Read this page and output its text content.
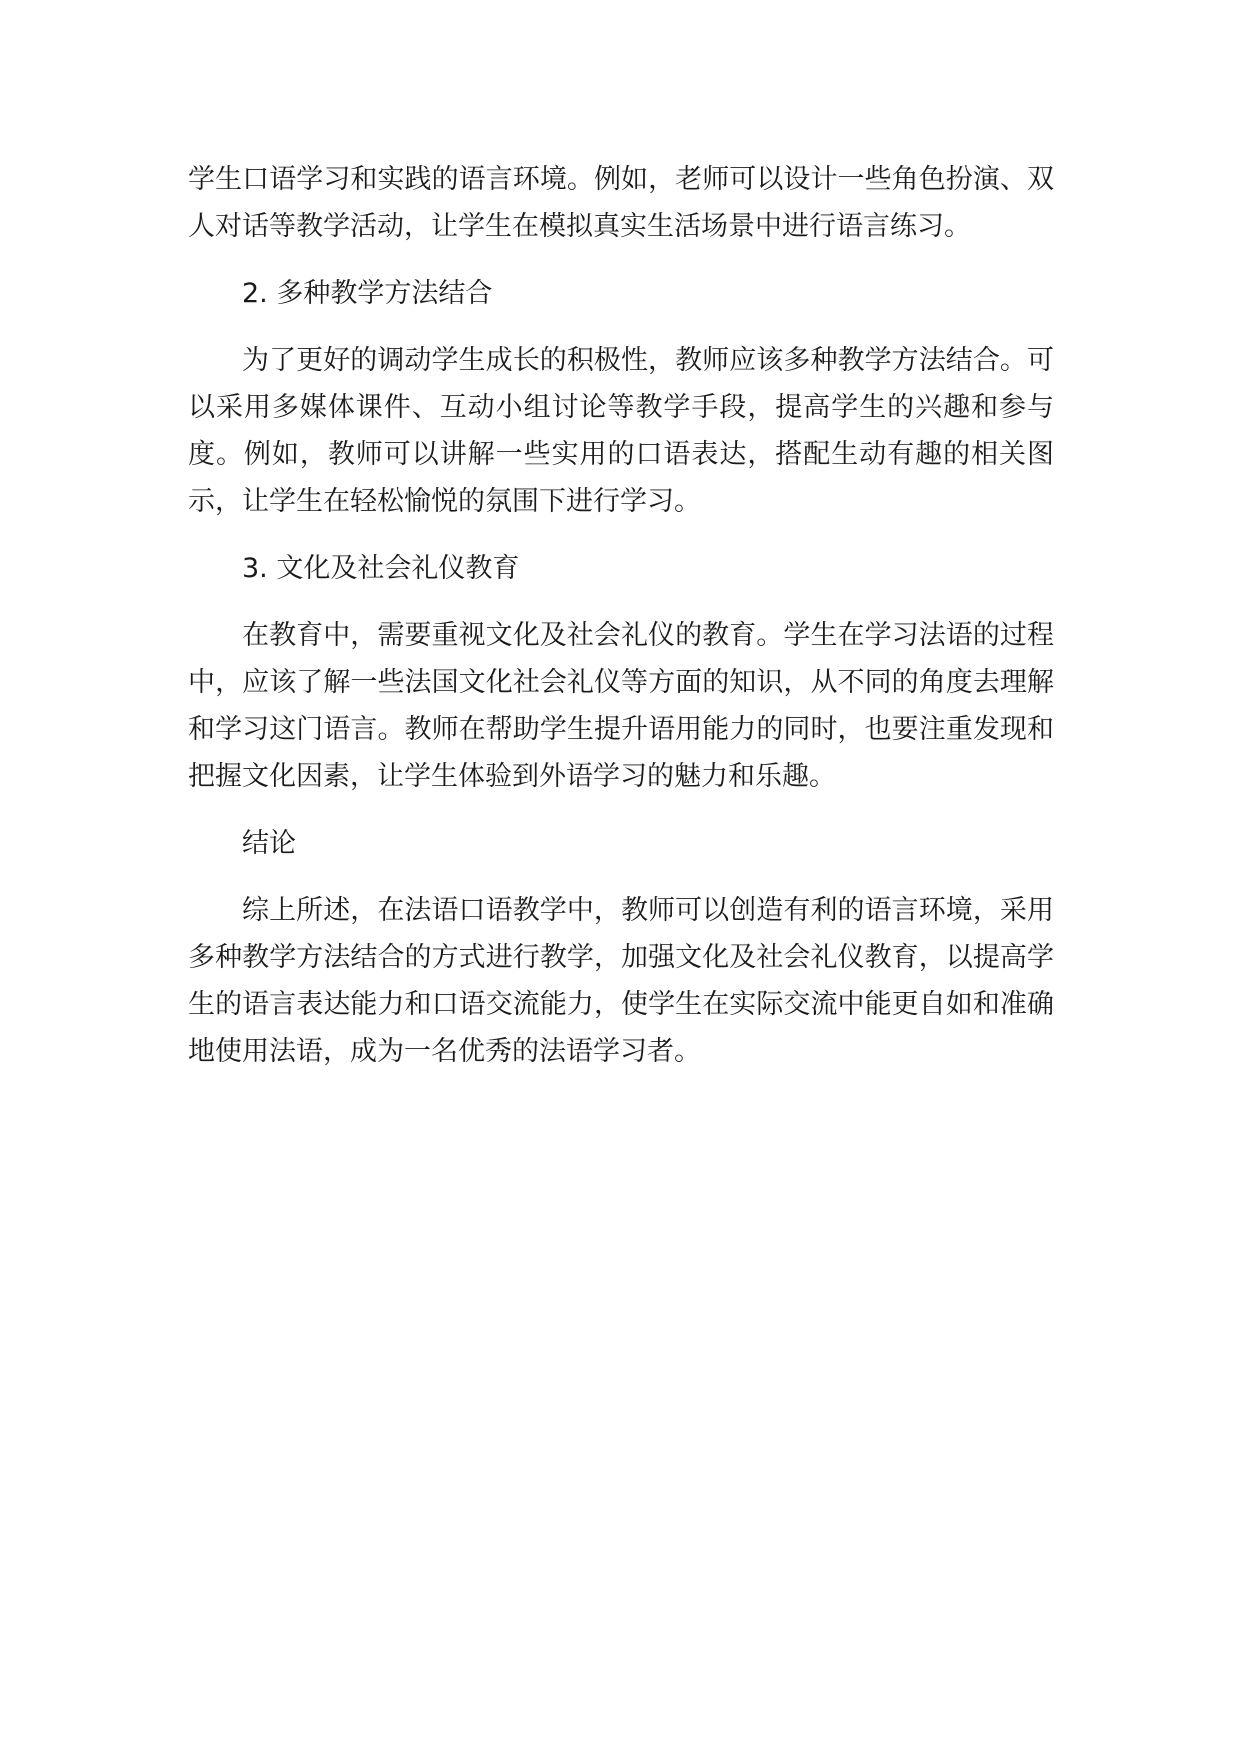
学生口语学习和实践的语言环境。例如，老师可以设计一些角色扮演、双人对话等教学活动，让学生在模拟真实生活场景中进行语言练习。

2. 多种教学方法结合

为了更好的调动学生成长的积极性，教师应该多种教学方法结合。可以采用多媒体课件、互动小组讨论等教学手段，提高学生的兴趣和参与度。例如，教师可以讲解一些实用的口语表达，搭配生动有趣的相关图示，让学生在轻松愉悦的氛围下进行学习。

3. 文化及社会礼仪教育

在教育中，需要重视文化及社会礼仪的教育。学生在学习法语的过程中，应该了解一些法国文化社会礼仪等方面的知识，从不同的角度去理解和学习这门语言。教师在帮助学生提升语用能力的同时，也要注重发现和把握文化因素，让学生体验到外语学习的魅力和乐趣。

结论

综上所述，在法语口语教学中，教师可以创造有利的语言环境，采用多种教学方法结合的方式进行教学，加强文化及社会礼仪教育，以提高学生的语言表达能力和口语交流能力，使学生在实际交流中能更自如和准确地使用法语，成为一名优秀的法语学习者。
